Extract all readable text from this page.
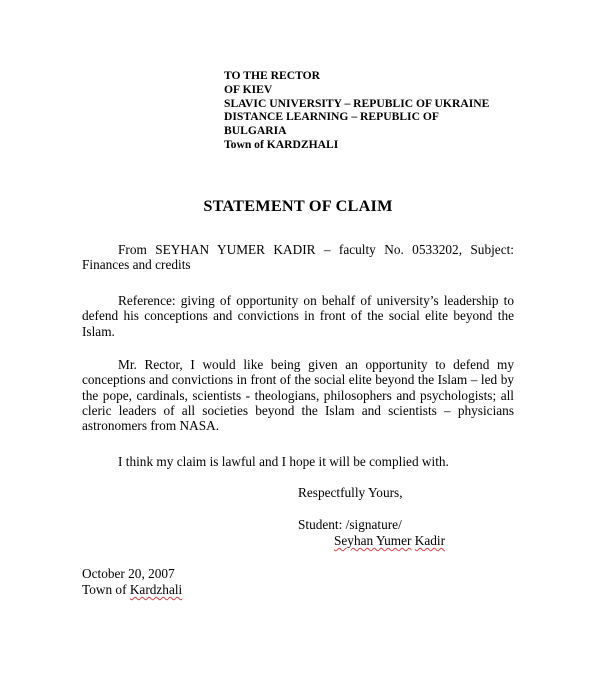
TO THE RECTOR
OF KIEV
SLAVIC UNIVERSITY – REPUBLIC OF UKRAINE
DISTANCE LEARNING – REPUBLIC OF
BULGARIA
Town of KARDZHALI
STATEMENT OF CLAIM
From SEYHAN YUMER KADIR – faculty No. 0533202, Subject: Finances and credits
Reference: giving of opportunity on behalf of university’s leadership to defend his conceptions and convictions in front of the social elite beyond the Islam.
Mr. Rector, I would like being given an opportunity to defend my conceptions and convictions in front of the social elite beyond the Islam – led by the pope, cardinals, scientists - theologians, philosophers and psychologists; all cleric leaders of all societies beyond the Islam and scientists – physicians astronomers from NASA.
I think my claim is lawful and I hope it will be complied with.
Respectfully Yours,
Student: /signature/
Seyhan Yumer Kadir
October 20, 2007
Town of Kardzhali
